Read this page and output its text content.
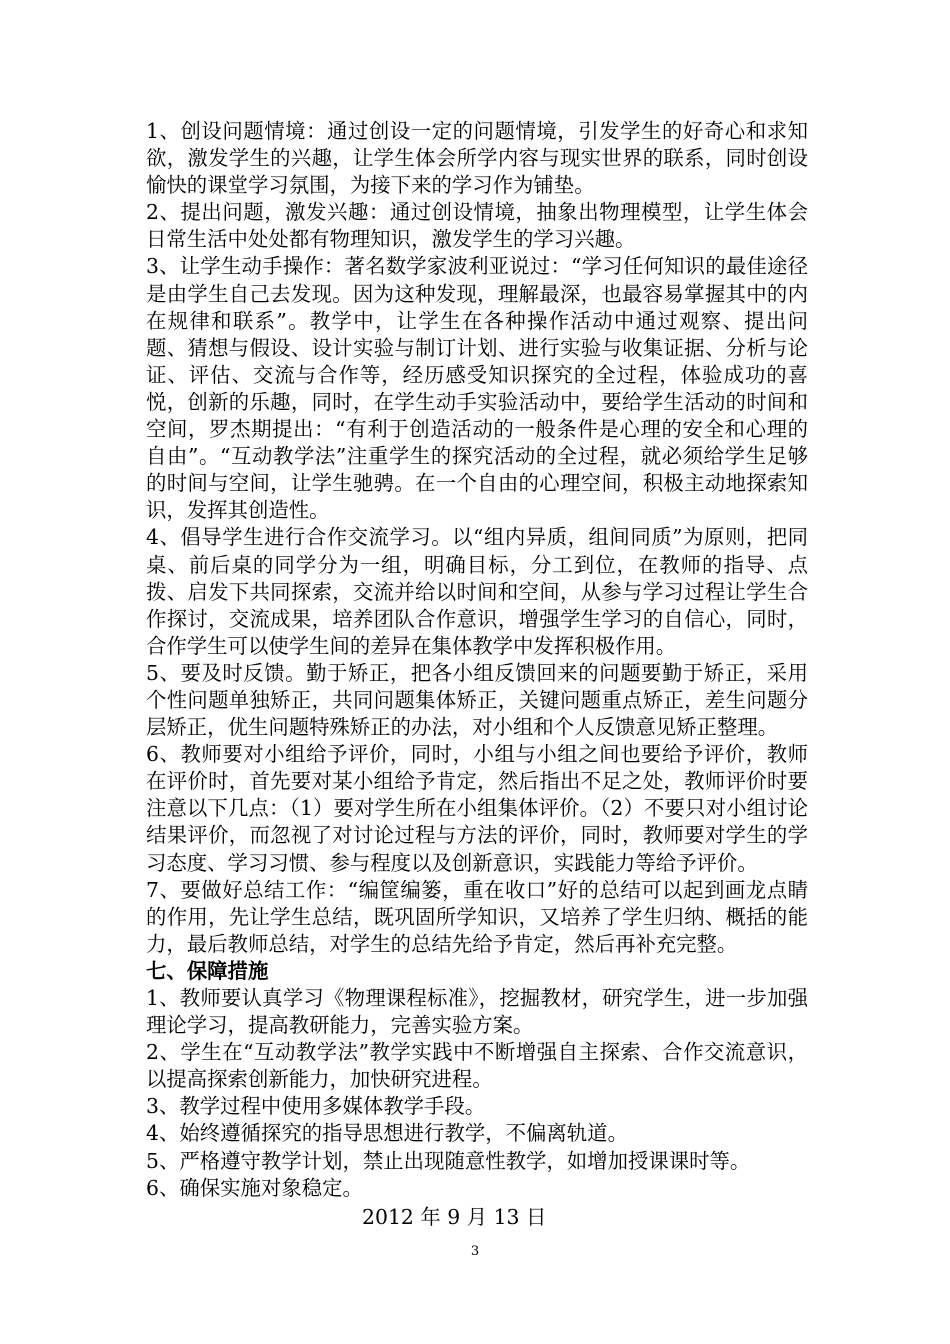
1、创设问题情境：通过创设一定的问题情境，引发学生的好奇心和求知欲，激发学生的兴趣，让学生体会所学内容与现实世界的联系，同时创设愉快的课堂学习氛围，为接下来的学习作为铺垫。

2、提出问题，激发兴趣：通过创设情境，抽象出物理模型，让学生体会日常生活中处处都有物理知识，激发学生的学习兴趣。

3、让学生动手操作：著名数学家波利亚说过：“学习任何知识的最佳途径是由学生自己去发现。因为这种发现，理解最深，也最容易掌握其中的内在规律和联系”。教学中，让学生在各种操作活动中通过观察、提出问题、猜想与假设、设计实验与制订计划、进行实验与收集证据、分析与论证、评估、交流与合作等，经历感受知识探究的全过程，体验成功的喜悦，创新的乐趣，同时，在学生动手实验活动中，要给学生活动的时间和空间，罗杰期提出：“有利于创造活动的一般条件是心理的安全和心理的自由”。“互动教学法”注重学生的探究活动的全过程，就必须给学生足够的时间与空间，让学生驰骋。在一个自由的心理空间，积极主动地探索知识，发挥其创造性。

4、倡导学生进行合作交流学习。以“组内异质，组间同质”为原则，把同桌、前后桌的同学分为一组，明确目标，分工到位，在教师的指导、点拨、启发下共同探索，交流并给以时间和空间，从参与学习过程让学生合作探讨，交流成果，培养团队合作意识，增强学生学习的自信心，同时，合作学生可以使学生间的差异在集体教学中发挥积极作用。

5、要及时反馈。勤于矫正，把各小组反馈回来的问题要勤于矫正，采用个性问题单独矫正，共同问题集体矫正，关键问题重点矫正，差生问题分层矫正，优生问题特殊矫正的办法，对小组和个人反馈意见矫正整理。

6、教师要对小组给予评价，同时，小组与小组之间也要给予评价，教师在评价时，首先要对某小组给予肯定，然后指出不足之处，教师评价时要注意以下几点：（1）要对学生所在小组集体评价。（2）不要只对小组讨论结果评价，而忽视了对讨论过程与方法的评价，同时，教师要对学生的学习态度、学习习惯、参与程度以及创新意识，实践能力等给予评价。

7、要做好总结工作：“编筐编篓，重在收口”好的总结可以起到画龙点睛的作用，先让学生总结，既巩固所学知识，又培养了学生归纳、概括的能力，最后教师总结，对学生的总结先给予肯定，然后再补充完整。

七、保障措施

1、教师要认真学习《物理课程标准》，挖掘教材，研究学生，进一步加强理论学习，提高教研能力，完善实验方案。

2、学生在“互动教学法”教学实践中不断增强自主探索、合作交流意识，以提高探索创新能力，加快研究进程。

3、教学过程中使用多媒体教学手段。

4、始终遵循探究的指导思想进行教学，不偏离轨道。

5、严格遵守教学计划，禁止出现随意性教学，如增加授课课时等。

6、确保实施对象稳定。

2012 年 9 月 13 日

3
